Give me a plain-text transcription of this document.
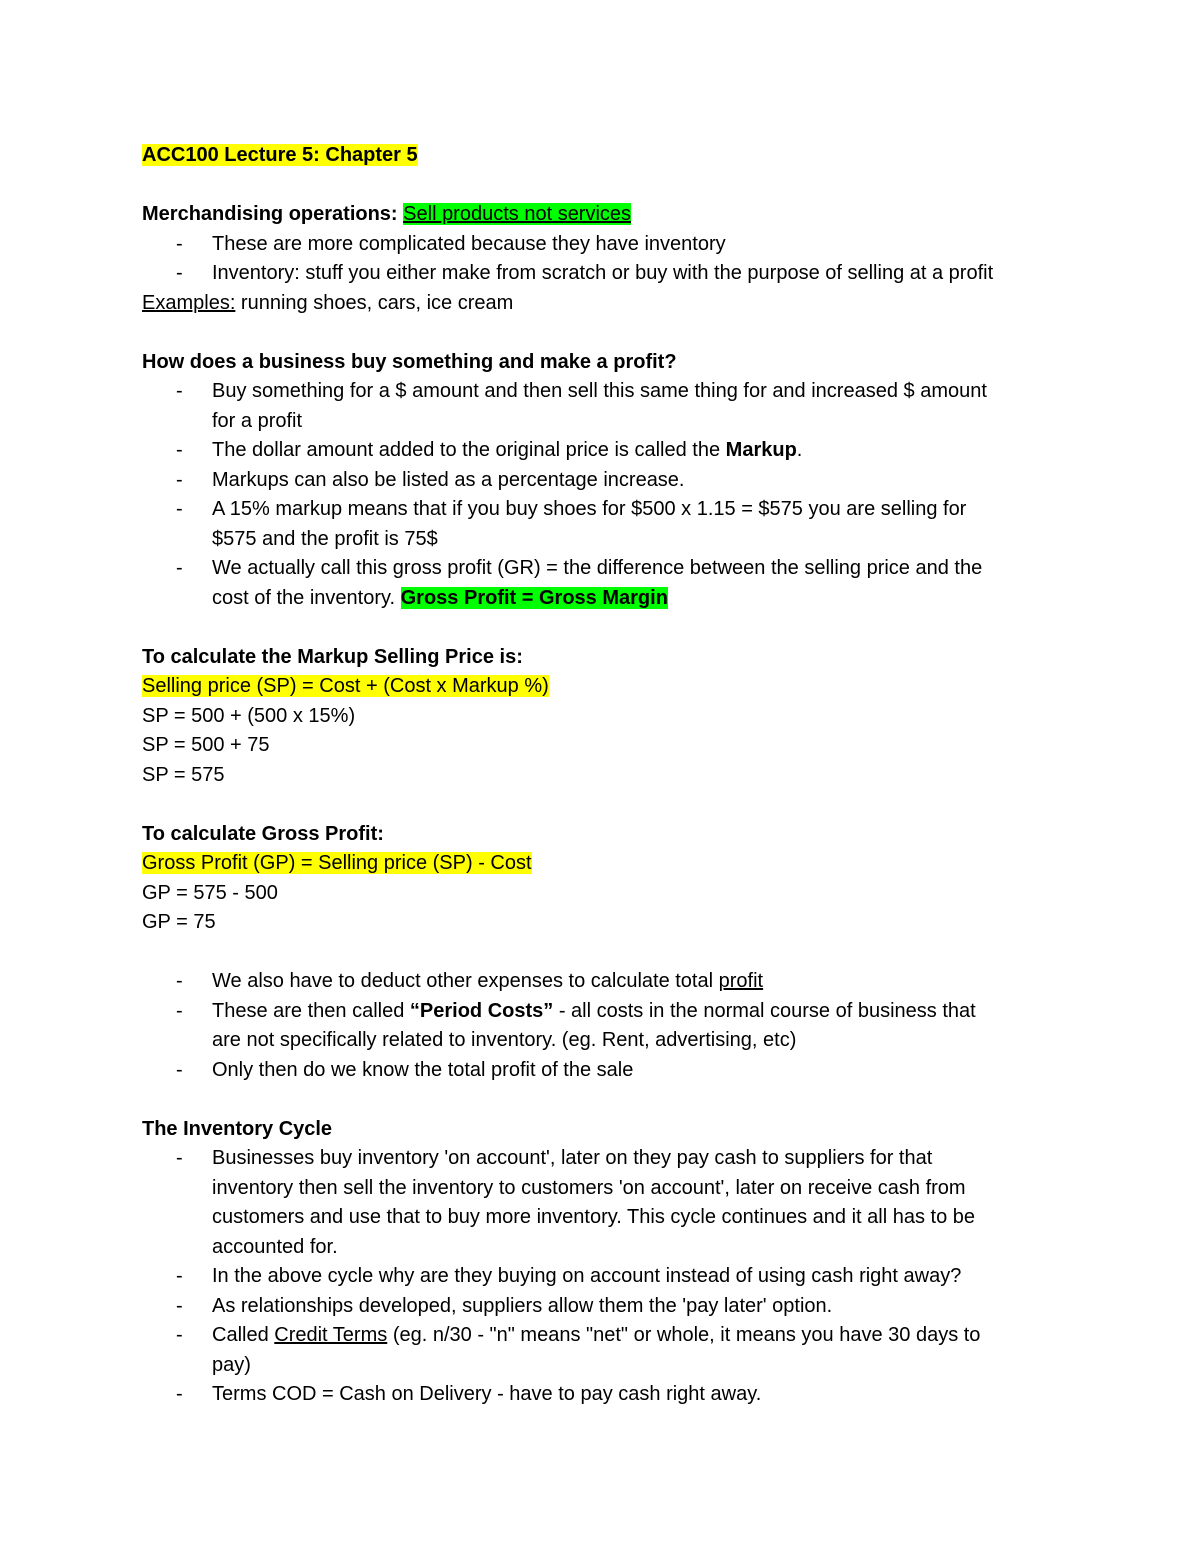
ACC100 Lecture 5: Chapter 5
Merchandising operations: Sell products not services
- These are more complicated because they have inventory
- Inventory: stuff you either make from scratch or buy with the purpose of selling at a profit
Examples: running shoes, cars, ice cream
How does a business buy something and make a profit?
- Buy something for a $ amount and then sell this same thing for and increased $ amount
for a profit
- The dollar amount added to the original price is called the Markup.
- Markups can also be listed as a percentage increase.
- A 15% markup means that if you buy shoes for $500 x 1.15 = $575 you are selling for
$575 and the profit is 75$
- We actually call this gross profit (GR) = the difference between the selling price and the
cost of the inventory. Gross Profit = Gross Margin
To calculate the Markup Selling Price is:
Selling price (SP) = Cost + (Cost x Markup %)
SP = 500 + (500 x 15%)
SP = 500 + 75
SP = 575
To calculate Gross Profit:
Gross Profit (GP) = Selling price (SP) - Cost
GP = 575 - 500
GP = 75
- We also have to deduct other expenses to calculate total profit
- These are then called “Period Costs” - all costs in the normal course of business that
are not specifically related to inventory. (eg. Rent, advertising, etc)
- Only then do we know the total profit of the sale
The Inventory Cycle
- Businesses buy inventory 'on account', later on they pay cash to suppliers for that
inventory then sell the inventory to customers 'on account', later on receive cash from
customers and use that to buy more inventory. This cycle continues and it all has to be
accounted for.
- In the above cycle why are they buying on account instead of using cash right away?
- As relationships developed, suppliers allow them the 'pay later' option.
- Called Credit Terms (eg. n/30 - "n" means "net" or whole, it means you have 30 days to
pay)
- Terms COD = Cash on Delivery - have to pay cash right away.
